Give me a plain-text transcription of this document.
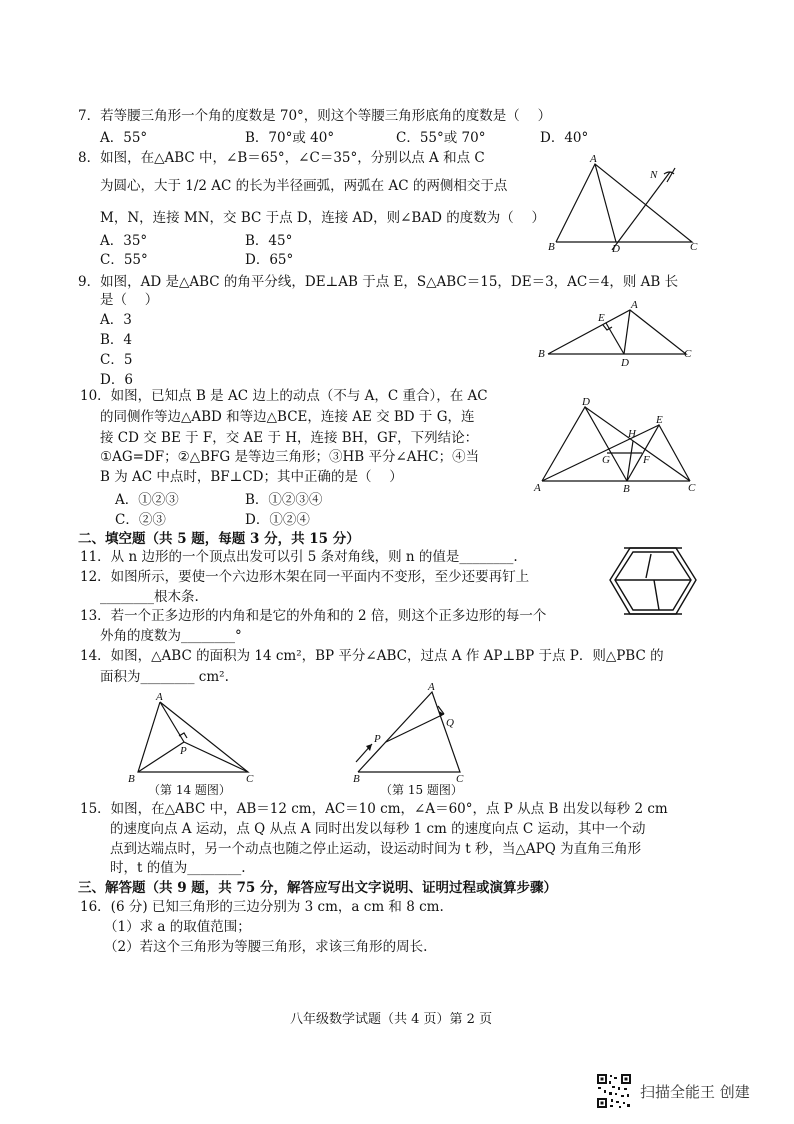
7．若等腰三角形一个角的度数是 70°，则这个等腰三角形底角的度数是（　 ）
A．55°	B．70°或 40°	C．55°或 70°	D．40°
8．如图，在△ABC 中，∠B＝65°，∠C＝35°，分别以点 A 和点 C
为圆心，大于 1/2 AC 的长为半径画弧，两弧在 AC 的两侧相交于点
M，N，连接 MN，交 BC 于点 D，连接 AD，则∠BAD 的度数为（　 ）
A．35°	B．45°
C．55°	D．65°
A
B	C
D
N
9．如图，AD 是△ABC 的角平分线，DE⊥AB 于点 E，S△ABC＝15，DE＝3，AC＝4，则 AB 长
是（　 ）
A．3
B．4
C．5
D．6
A
B	C
D
E
10．如图，已知点 B 是 AC 边上的动点（不与 A，C 重合），在 AC
的同侧作等边△ABD 和等边△BCE，连接 AE 交 BD 于 G，连
接 CD 交 BE 于 F，交 AE 于 H，连接 BH，GF，下列结论：
①AG=DF；②△BFG 是等边三角形；③HB 平分∠AHC；④当
B 为 AC 中点时，BF⊥CD；其中正确的是（　 ）
A．①②③	B．①②③④
C．②③	D．①②④
D
A	B	C
E
F
G
H
二、填空题（共 5 题，每题 3 分，共 15 分）
11．从 n 边形的一个顶点出发可以引 5 条对角线，则 n 的值是________.
12．如图所示，要使一个六边形木架在同一平面内不变形，至少还要再钉上
________根木条.
13．若一个正多边形的内角和是它的外角和的 2 倍，则这个正多边形的每一个
外角的度数为________°
14．如图，△ABC 的面积为 14 cm²，BP 平分∠ABC，过点 A 作 AP⊥BP 于点 P．则△PBC 的
面积为________ cm².
A
B	C
P
（第 14 题图）
A
B	C
P
Q
（第 15 题图）
15．如图，在△ABC 中，AB＝12 cm，AC＝10 cm，∠A＝60°，点 P 从点 B 出发以每秒 2 cm
的速度向点 A 运动，点 Q 从点 A 同时出发以每秒 1 cm 的速度向点 C 运动，其中一个动
点到达端点时，另一个动点也随之停止运动，设运动时间为 t 秒，当△APQ 为直角三角形
时，t 的值为________.
三、解答题（共 9 题，共 75 分，解答应写出文字说明、证明过程或演算步骤）
16．(6 分) 已知三角形的三边分别为 3 cm，a cm 和 8 cm.
（1）求 a 的取值范围；
（2）若这个三角形为等腰三角形，求该三角形的周长.
八年级数学试题（共 4 页）第 2 页
扫描全能王 创建
